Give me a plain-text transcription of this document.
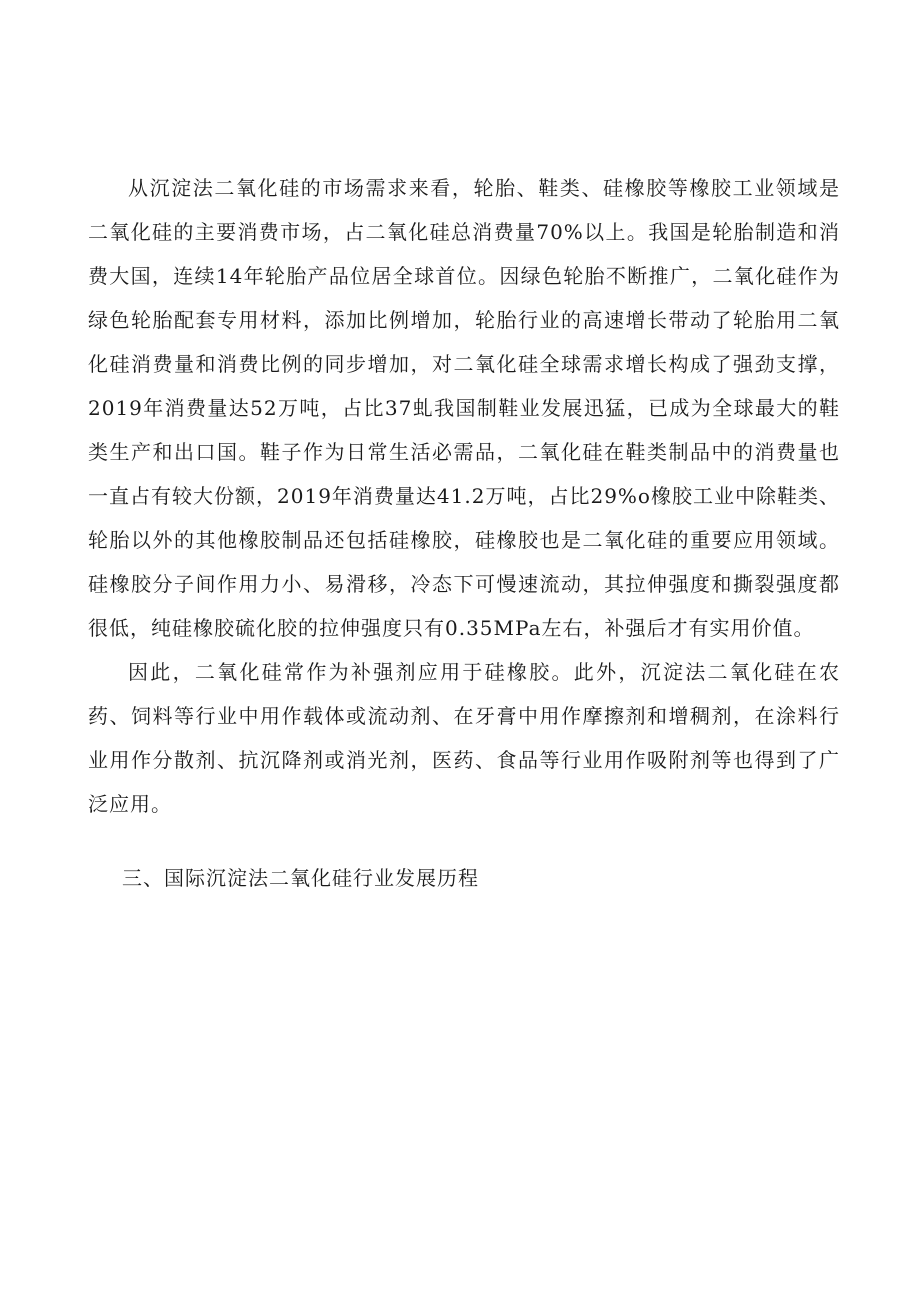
从沉淀法二氧化硅的市场需求来看，轮胎、鞋类、硅橡胶等橡胶工业领域是二氧化硅的主要消费市场，占二氧化硅总消费量70%以上。我国是轮胎制造和消费大国，连续14年轮胎产品位居全球首位。因绿色轮胎不断推广，二氧化硅作为绿色轮胎配套专用材料，添加比例增加，轮胎行业的高速增长带动了轮胎用二氧化硅消费量和消费比例的同步增加，对二氧化硅全球需求增长构成了强劲支撑，2019年消费量达52万吨，占比37虬我国制鞋业发展迅猛，已成为全球最大的鞋类生产和出口国。鞋子作为日常生活必需品，二氧化硅在鞋类制品中的消费量也一直占有较大份额，2019年消费量达41.2万吨，占比29%o橡胶工业中除鞋类、轮胎以外的其他橡胶制品还包括硅橡胶，硅橡胶也是二氧化硅的重要应用领域。硅橡胶分子间作用力小、易滑移，冷态下可慢速流动，其拉伸强度和撕裂强度都很低，纯硅橡胶硫化胶的拉伸强度只有0.35MPa左右，补强后才有实用价值。

因此，二氧化硅常作为补强剂应用于硅橡胶。此外，沉淀法二氧化硅在农药、饲料等行业中用作载体或流动剂、在牙膏中用作摩擦剂和增稠剂，在涂料行业用作分散剂、抗沉降剂或消光剂，医药、食品等行业用作吸附剂等也得到了广泛应用。

三、国际沉淀法二氧化硅行业发展历程
